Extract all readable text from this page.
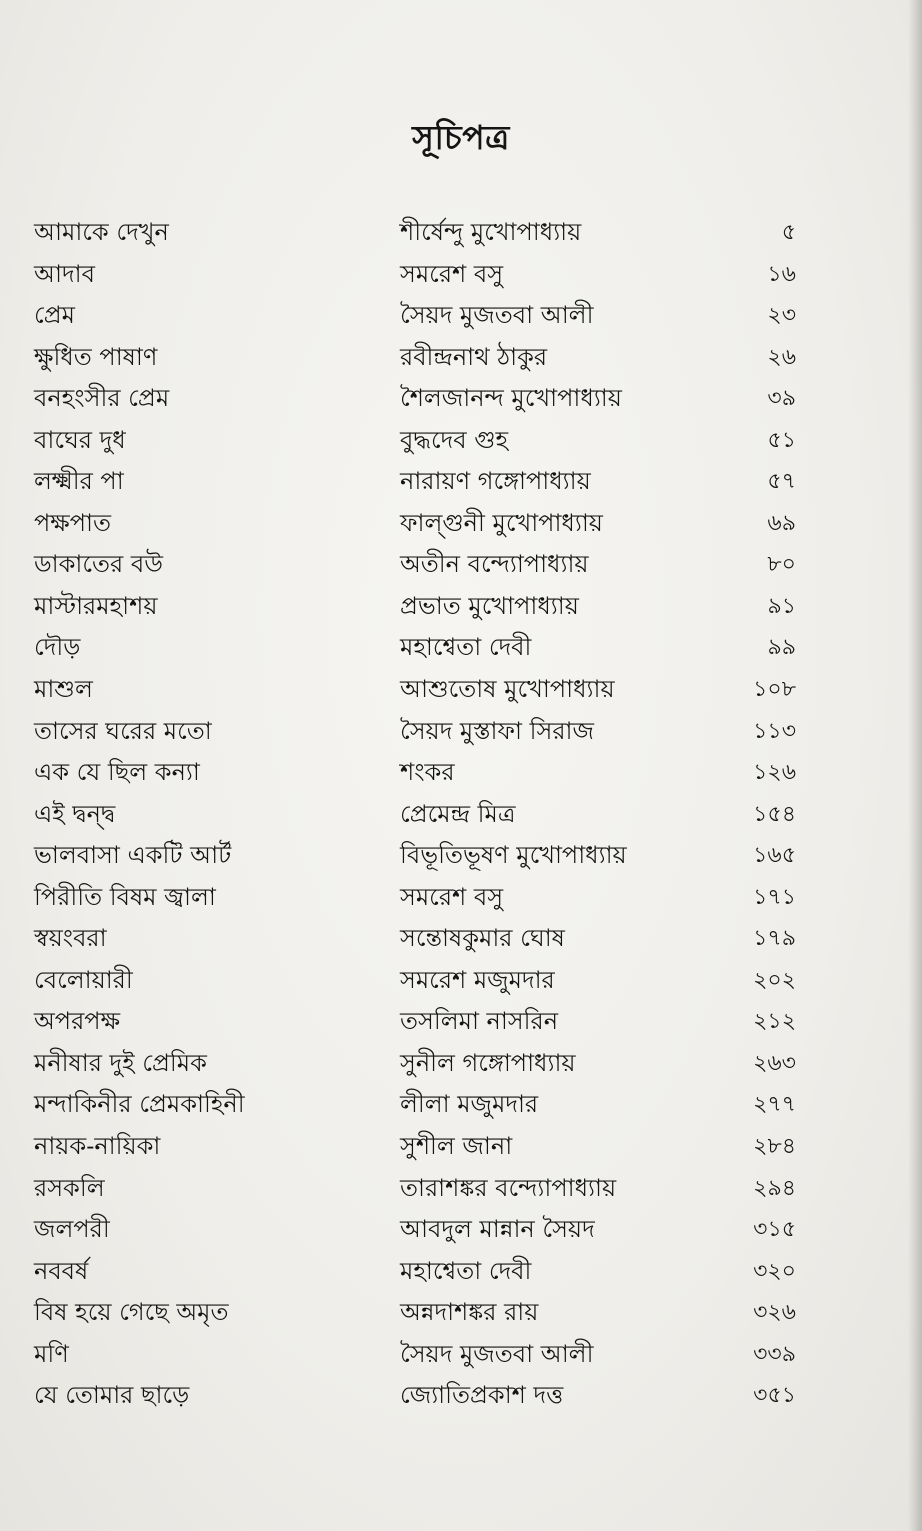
সূচিপত্র
আমাকে দেখুন	শীর্ষেন্দু মুখোপাধ্যায়	৫
আদাব	সমরেশ বসু	১৬
প্রেম	সৈয়দ মুজতবা আলী	২৩
ক্ষুধিত পাষাণ	রবীন্দ্রনাথ ঠাকুর	২৬
বনহংসীর প্রেম	শৈলজানন্দ মুখোপাধ্যায়	৩৯
বাঘের দুধ	বুদ্ধদেব গুহ	৫১
লক্ষ্মীর পা	নারায়ণ গঙ্গোপাধ্যায়	৫৭
পক্ষপাত	ফাল্গুনী মুখোপাধ্যায়	৬৯
ডাকাতের বউ	অতীন বন্দ্যোপাধ্যায়	৮০
মাস্টারমহাশয়	প্রভাত মুখোপাধ্যায়	৯১
দৌড়	মহাশ্বেতা দেবী	৯৯
মাশুল	আশুতোষ মুখোপাধ্যায়	১০৮
তাসের ঘরের মতো	সৈয়দ মুস্তাফা সিরাজ	১১৩
এক যে ছিল কন্যা	শংকর	১২৬
এই দ্বন্দ্ব	প্রেমেন্দ্র মিত্র	১৫৪
ভালবাসা একটি আর্ট	বিভূতিভূষণ মুখোপাধ্যায়	১৬৫
পিরীতি বিষম জ্বালা	সমরেশ বসু	১৭১
স্বয়ংবরা	সন্তোষকুমার ঘোষ	১৭৯
বেলোয়ারী	সমরেশ মজুমদার	২০২
অপরপক্ষ	তসলিমা নাসরিন	২১২
মনীষার দুই প্রেমিক	সুনীল গঙ্গোপাধ্যায়	২৬৩
মন্দাকিনীর প্রেমকাহিনী	লীলা মজুমদার	২৭৭
নায়ক-নায়িকা	সুশীল জানা	২৮৪
রসকলি	তারাশঙ্কর বন্দ্যোপাধ্যায়	২৯৪
জলপরী	আবদুল মান্নান সৈয়দ	৩১৫
নববর্ষ	মহাশ্বেতা দেবী	৩২০
বিষ হয়ে গেছে অমৃত	অন্নদাশঙ্কর রায়	৩২৬
মণি	সৈয়দ মুজতবা আলী	৩৩৯
যে তোমার ছাড়ে	জ্যোতিপ্রকাশ দত্ত	৩৫১
